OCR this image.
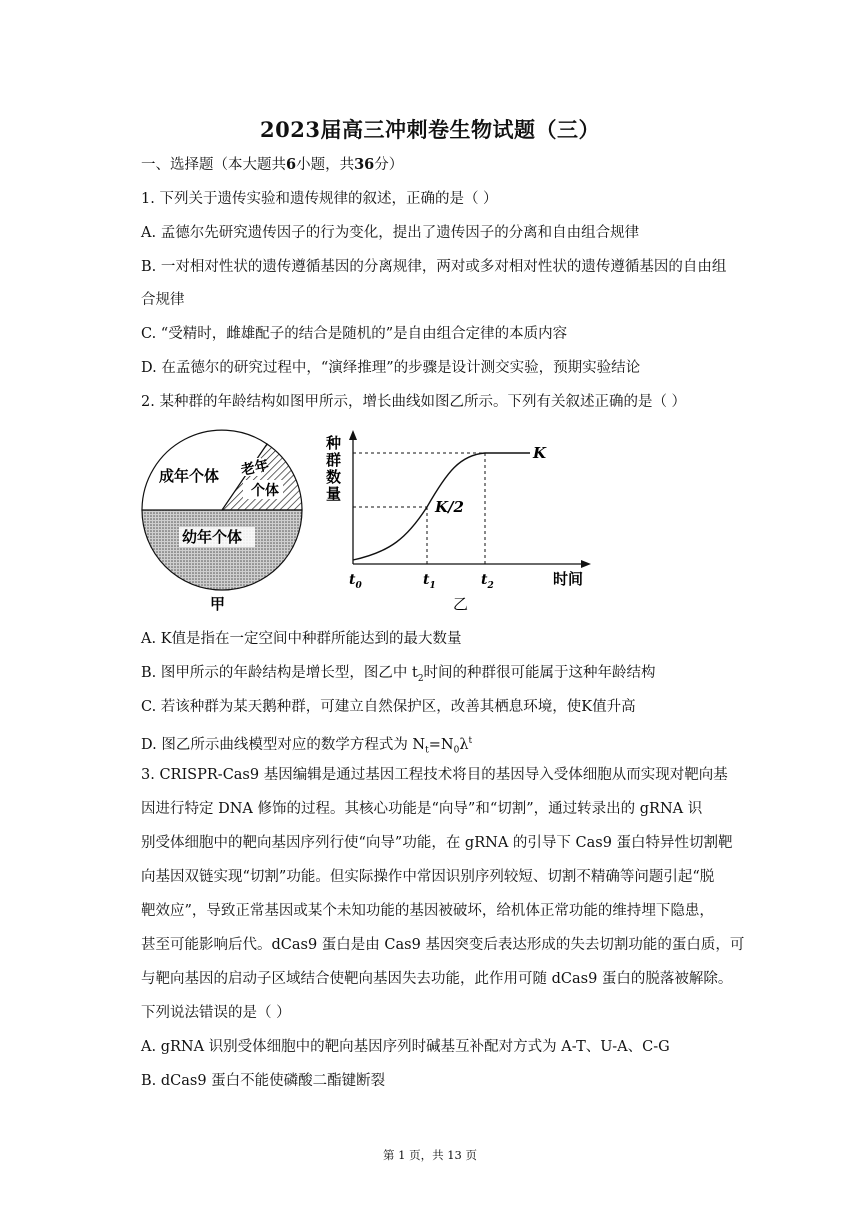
2023届高三冲刺卷生物试题（三）
一、选择题（本大题共6小题，共36分）
1. 下列关于遗传实验和遗传规律的叙述，正确的是（ ）
A. 孟德尔先研究遗传因子的行为变化，提出了遗传因子的分离和自由组合规律
B. 一对相对性状的遗传遵循基因的分离规律，两对或多对相对性状的遗传遵循基因的自由组
合规律
C. “受精时，雌雄配子的结合是随机的”是自由组合定律的本质内容
D. 在孟德尔的研究过程中，“演绎推理”的步骤是设计测交实验，预期实验结论
2. 某种群的年龄结构如图甲所示，增长曲线如图乙所示。下列有关叙述正确的是（ ）
成年个体 老年
个体
幼年个体
甲
种
群
数
量
K
K/2
$t_0$	$t_1$	$t_2$	时间
乙
A. K值是指在一定空间中种群所能达到的最大数量
B. 图甲所示的年龄结构是增长型，图乙中 $t_2$时间的种群很可能属于这种年龄结构
C. 若该种群为某天鹅种群，可建立自然保护区，改善其栖息环境，使K值升高
D. 图乙所示曲线模型对应的数学方程式为 $N_t=N_0\lambda^t$
3. CRISPR-Cas9 基因编辑是通过基因工程技术将目的基因导入受体细胞从而实现对靶向基
因进行特定 DNA 修饰的过程。其核心功能是“向导”和“切割”，通过转录出的 gRNA 识
别受体细胞中的靶向基因序列行使“向导”功能，在 gRNA 的引导下 Cas9 蛋白特异性切割靶
向基因双链实现“切割”功能。但实际操作中常因识别序列较短、切割不精确等问题引起“脱
靶效应”，导致正常基因或某个未知功能的基因被破坏，给机体正常功能的维持埋下隐患，
甚至可能影响后代。dCas9 蛋白是由 Cas9 基因突变后表达形成的失去切割功能的蛋白质，可
与靶向基因的启动子区域结合使靶向基因失去功能，此作用可随 dCas9 蛋白的脱落被解除。
下列说法错误的是（ ）
A. gRNA 识别受体细胞中的靶向基因序列时碱基互补配对方式为 A-T、U-A、C-G
B. dCas9 蛋白不能使磷酸二酯键断裂
第 1 页，共 13 页
